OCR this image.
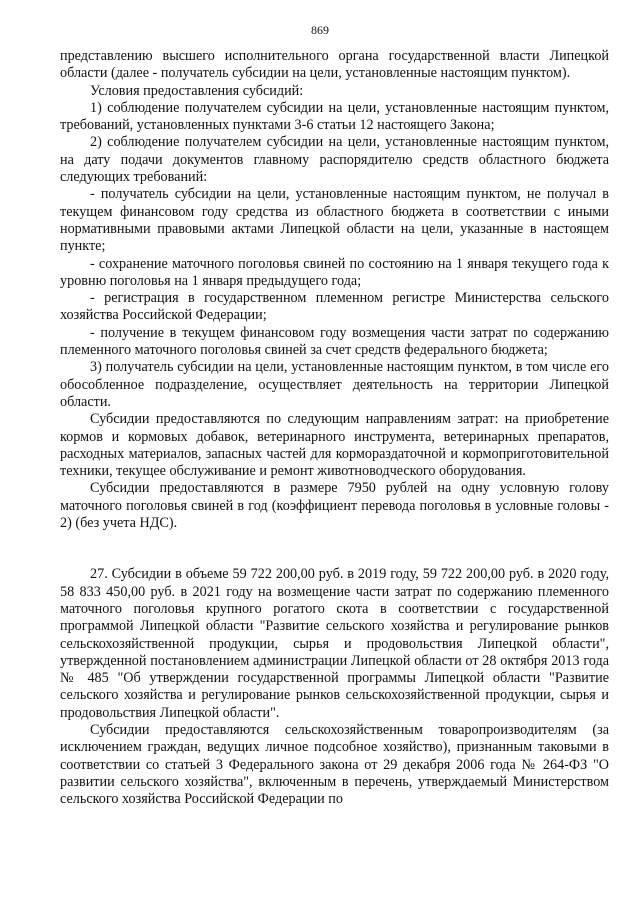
869

представлению высшего исполнительного органа государственной власти Липецкой области (далее - получатель субсидии на цели, установленные настоящим пунктом).

Условия предоставления субсидий:

1) соблюдение получателем субсидии на цели, установленные настоящим пунктом, требований, установленных пунктами 3-6 статьи 12 настоящего Закона;

2) соблюдение получателем субсидии на цели, установленные настоящим пунктом, на дату подачи документов главному распорядителю средств областного бюджета следующих требований:

- получатель субсидии на цели, установленные настоящим пунктом, не получал в текущем финансовом году средства из областного бюджета в соответствии с иными нормативными правовыми актами Липецкой области на цели, указанные в настоящем пункте;

- сохранение маточного поголовья свиней по состоянию на 1 января текущего года к уровню поголовья на 1 января предыдущего года;

- регистрация в государственном племенном регистре Министерства сельского хозяйства Российской Федерации;

- получение в текущем финансовом году возмещения части затрат по содержанию племенного маточного поголовья свиней за счет средств федерального бюджета;

3) получатель субсидии на цели, установленные настоящим пунктом, в том числе его обособленное подразделение, осуществляет деятельность на территории Липецкой области.

Субсидии предоставляются по следующим направлениям затрат: на приобретение кормов и кормовых добавок, ветеринарного инструмента, ветеринарных препаратов, расходных материалов, запасных частей для кормораздаточной и кормоприготовительной техники, текущее обслуживание и ремонт животноводческого оборудования.

Субсидии предоставляются в размере 7950 рублей на одну условную голову маточного поголовья свиней в год (коэффициент перевода поголовья в условные головы - 2) (без учета НДС).

27. Субсидии в объеме 59 722 200,00 руб. в 2019 году, 59 722 200,00 руб. в 2020 году, 58 833 450,00 руб. в 2021 году на возмещение части затрат по содержанию племенного маточного поголовья крупного рогатого скота в соответствии с государственной программой Липецкой области "Развитие сельского хозяйства и регулирование рынков сельскохозяйственной продукции, сырья и продовольствия Липецкой области", утвержденной постановлением администрации Липецкой области от 28 октября 2013 года № 485 "Об утверждении государственной программы Липецкой области "Развитие сельского хозяйства и регулирование рынков сельскохозяйственной продукции, сырья и продовольствия Липецкой области".

Субсидии предоставляются сельскохозяйственным товаропроизводителям (за исключением граждан, ведущих личное подсобное хозяйство), признанным таковыми в соответствии со статьей 3 Федерального закона от 29 декабря 2006 года № 264-ФЗ "О развитии сельского хозяйства", включенным в перечень, утверждаемый Министерством сельского хозяйства Российской Федерации по
